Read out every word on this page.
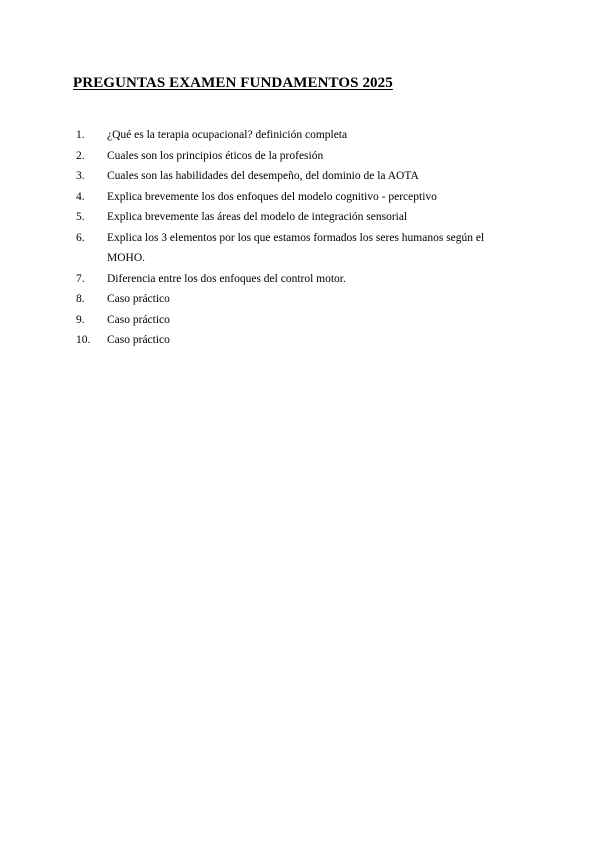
PREGUNTAS EXAMEN FUNDAMENTOS 2025
1.	¿Qué es la terapia ocupacional? definición completa
2.	Cuales son los principios éticos de la profesión
3.	Cuales son las habilidades del desempeño, del dominio de la AOTA
4.	Explica brevemente los dos enfoques del modelo cognitivo - perceptivo
5.	Explica brevemente las áreas del modelo de integración sensorial
6.	Explica los 3 elementos por los que estamos formados los seres humanos según el MOHO.
7.	Diferencia entre los dos enfoques del control motor.
8.	Caso práctico
9.	Caso práctico
10.	Caso práctico
